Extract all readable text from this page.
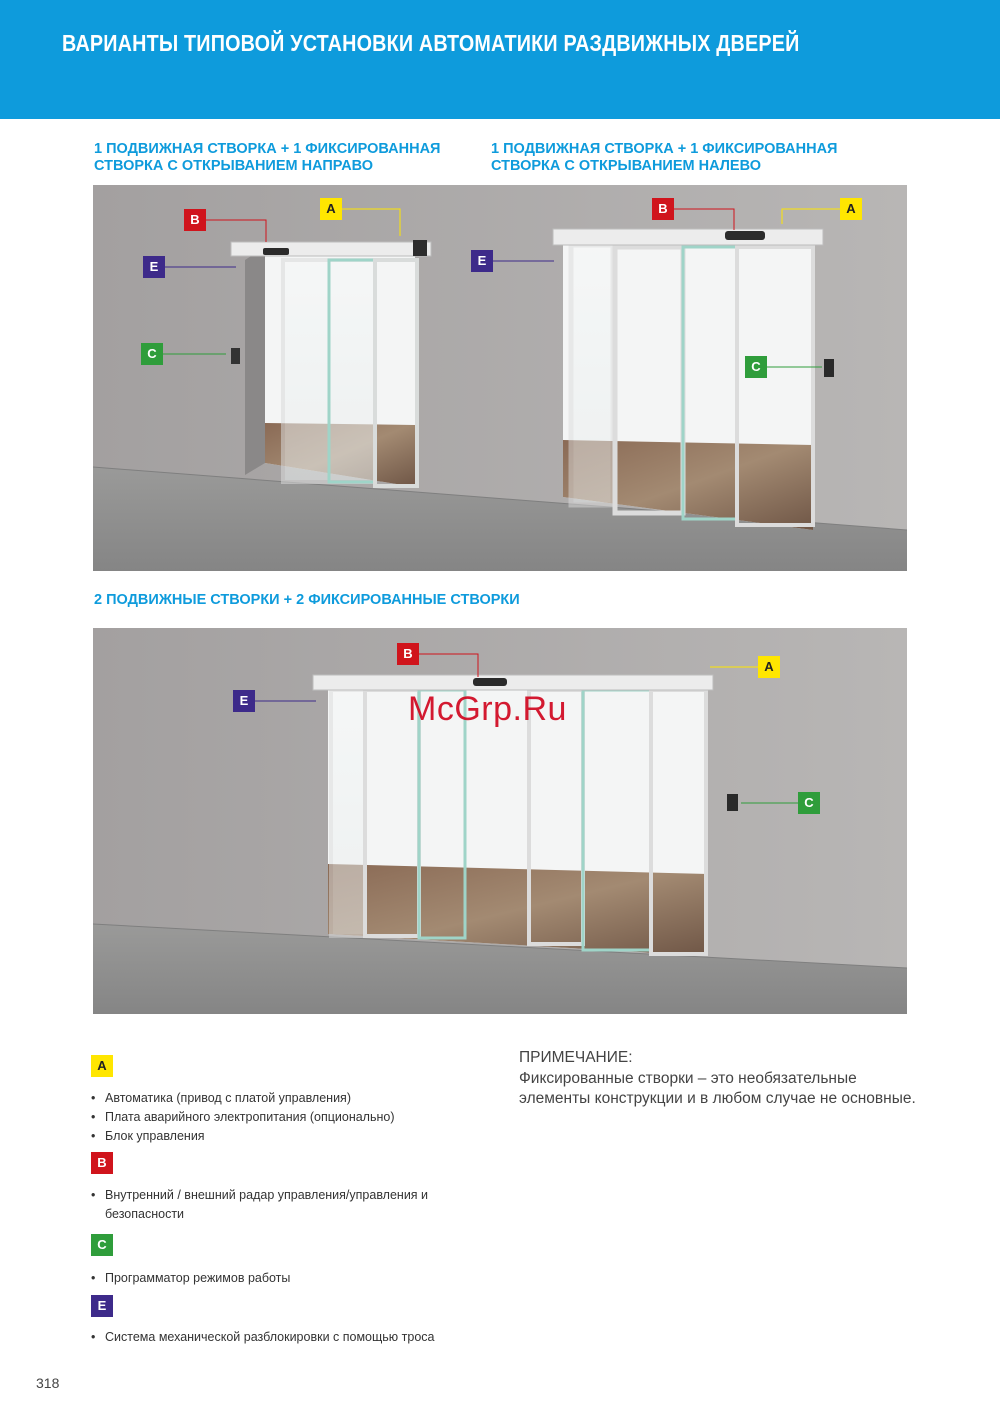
ВАРИАНТЫ ТИПОВОЙ УСТАНОВКИ АВТОМАТИКИ РАЗДВИЖНЫХ ДВЕРЕЙ
1 ПОДВИЖНАЯ СТВОРКА + 1 ФИКСИРОВАННАЯ
СТВОРКА С ОТКРЫВАНИЕМ НАПРАВО
1 ПОДВИЖНАЯ СТВОРКА + 1 ФИКСИРОВАННАЯ
СТВОРКА С ОТКРЫВАНИЕМ НАЛЕВО
2 ПОДВИЖНЫЕ СТВОРКИ + 2 ФИКСИРОВАННЫЕ СТВОРКИ
B
A
E
C
B	A
E
C
B
A
E
C
McGrp.Ru
A
• Автоматика (привод с платой управления)
• Плата аварийного электропитания (опционально)
• Блок управления
B
• Внутренний / внешний радар управления/управления и безопасности
C
• Программатор режимов работы
E
• Система механической разблокировки с помощью троса
ПРИМЕЧАНИЕ:
Фиксированные створки – это необязательные элементы конструкции и в любом случае не основные.
318
